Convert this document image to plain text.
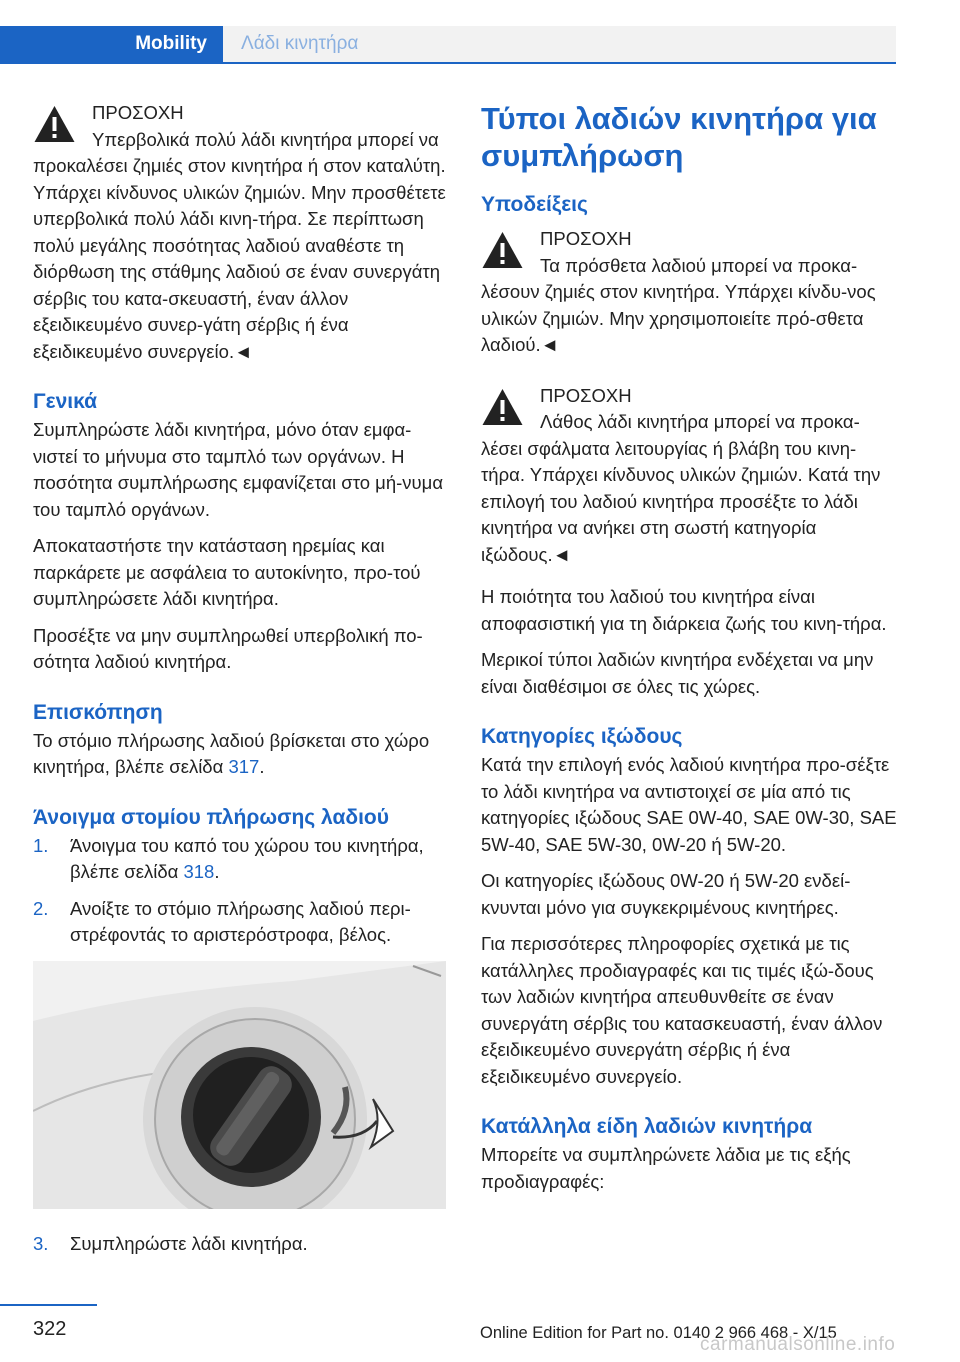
Mobility	Λάδι κινητήρα
ΠΡΟΣΟΧΗ
Υπερβολικά πολύ λάδι κινητήρα μπορεί να προκαλέσει ζημιές στον κινητήρα ή στον καταλύτη. Υπάρχει κίνδυνος υλικών ζημιών. Μην προσθέτετε υπερβολικά πολύ λάδι κινη‐τήρα. Σε περίπτωση πολύ μεγάλης ποσότητας λαδιού αναθέστε τη διόρθωση της στάθμης λαδιού σε έναν συνεργάτη σέρβις του κατα‐σκευαστή, έναν άλλον εξειδικευμένο συνερ‐γάτη σέρβις ή ένα εξειδικευμένο συνεργείο.◄
Γενικά

Συμπληρώστε λάδι κινητήρα, μόνο όταν εμφα‐νιστεί το μήνυμα στο ταμπλό των οργάνων. Η ποσότητα συμπλήρωσης εμφανίζεται στο μή‐νυμα του ταμπλό οργάνων.

Αποκαταστήστε την κατάσταση ηρεμίας και παρκάρετε με ασφάλεια το αυτοκίνητο, προ‐τού συμπληρώσετε λάδι κινητήρα.

Προσέξτε να μην συμπληρωθεί υπερβολική πο‐σότητα λαδιού κινητήρα.

Επισκόπηση

Το στόμιο πλήρωσης λαδιού βρίσκεται στο χώρο κινητήρα, βλέπε σελίδα 317.

Άνοιγμα στομίου πλήρωσης λαδιού
1. Άνοιγμα του καπό του χώρου του κινητήρα, βλέπε σελίδα 318.
2. Ανοίξτε το στόμιο πλήρωσης λαδιού περι‐στρέφοντάς το αριστερόστροφα, βέλος.
3. Συμπληρώστε λάδι κινητήρα.
Τύποι λαδιών κινητήρα για συμπλήρωση
Υποδείξεις
ΠΡΟΣΟΧΗ
Τα πρόσθετα λαδιού μπορεί να προκα‐λέσουν ζημιές στον κινητήρα. Υπάρχει κίνδυ‐νος υλικών ζημιών. Μην χρησιμοποιείτε πρό‐σθετα λαδιού.◄
ΠΡΟΣΟΧΗ
Λάθος λάδι κινητήρα μπορεί να προκα‐λέσει σφάλματα λειτουργίας ή βλάβη του κινη‐τήρα. Υπάρχει κίνδυνος υλικών ζημιών. Κατά την επιλογή του λαδιού κινητήρα προσέξτε το λάδι κινητήρα να ανήκει στη σωστή κατηγορία ιξώδους.◄

Η ποιότητα του λαδιού του κινητήρα είναι αποφασιστική για τη διάρκεια ζωής του κινη‐τήρα.

Μερικοί τύποι λαδιών κινητήρα ενδέχεται να μην είναι διαθέσιμοι σε όλες τις χώρες.

Κατηγορίες ιξώδους

Κατά την επιλογή ενός λαδιού κινητήρα προ‐σέξτε το λάδι κινητήρα να αντιστοιχεί σε μία από τις κατηγορίες ιξώδους SAE 0W-40, SAE 0W-30, SAE 5W-40, SAE 5W-30, 0W-20 ή 5W-20.

Οι κατηγορίες ιξώδους 0W-20 ή 5W-20 ενδεί‐κνυνται μόνο για συγκεκριμένους κινητήρες.

Για περισσότερες πληροφορίες σχετικά με τις κατάλληλες προδιαγραφές και τις τιμές ιξώ‐δους των λαδιών κινητήρα απευθυνθείτε σε έναν συνεργάτη σέρβις του κατασκευαστή, έναν άλλον εξειδικευμένο συνεργάτη σέρβις ή ένα εξειδικευμένο συνεργείο.

Κατάλληλα είδη λαδιών κινητήρα

Μπορείτε να συμπληρώνετε λάδια με τις εξής προδιαγραφές:

322	Online Edition for Part no. 0140 2 966 468 - X/15
carmanualsonline.info
